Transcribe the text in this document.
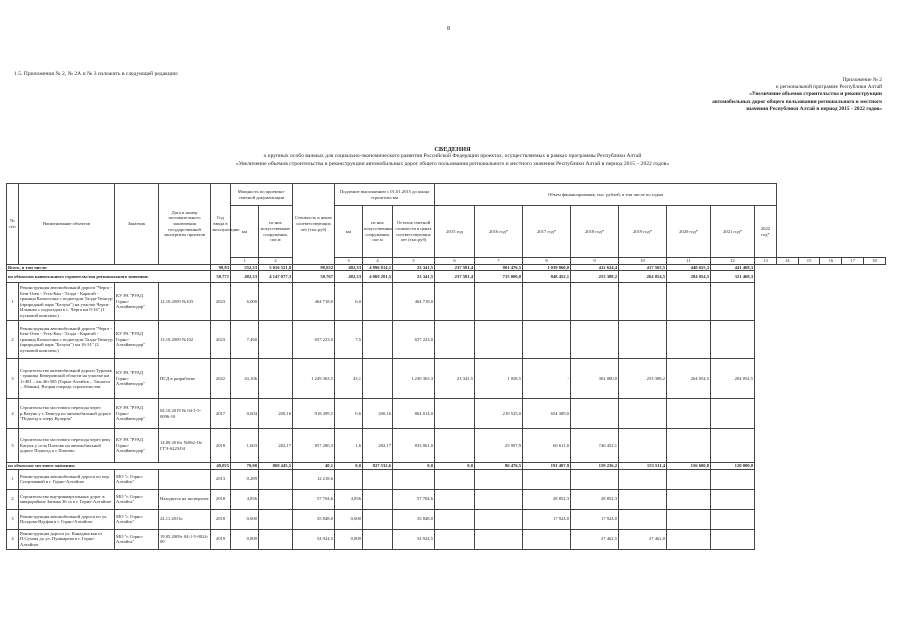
8
1.5. Приложения № 2, № 2А и № 3 изложить в следующей редакции:
Приложение № 2
к региональной программе Республики Алтай
«Увеличение объемов строительства и реконструкции
автомобильных дорог общего пользования регионального и местного
значения Республики Алтай в период 2015 - 2022 годов»
СВЕДЕНИЯ
о крупных особо важных для социально-экономического развития Российской Федерации проектах, осуществляемых в рамках программы Республики Алтай
«Увеличение объемов строительства и реконструкции автомобильных дорог общего пользования регионального и местного значения Республики Алтай в период 2015 – 2022 годов»
№ п/п	Наименование объектов	Заказчик	Дата и номер положительного заключения государственной экспертизы проектов	Год ввода в эксплуатацию	Мощность по проектно-сметной документации		Стоимость в ценах соответствующих лет (тыс.руб)	Подлежит выполнению с 01.01.2015 до конца строительства			Объем финансирования, тыс. рублей, в том числе по годам												
					км	из них искусственные сооружения, пог.м		км	из них искусственные сооружения, пог.м	Остаток сметной стоимости в ценах соответствующих лет (тыс.руб)	2015 год	2016 год*	2017 год*	2018 год*	2019 год*	2020 год*	2021 год*	2022 год*					
					1	2		3	4	5	6	7	8	9	10	11	12	13	14	15	16	17	18
Всего, в том числе:				98,83	552,33	5 016 521,8	98,022	482,33	4 896 814,1	23 341,5	237 581,4	801 476,5	1 039 860,0	412 624,4	417 565,5	440 655,3	441 468,3						
по объектам капитального строительства регионального значения:				58,771	482,33	4 147 077,3	58,767	482,33	4 069 281,5	23 341,5	237 581,4	715 000,0	848 452,1	253 388,2	264 054,5	284 054,5	321 468,3						
1	Реконструкция автомобильной дороги "Черга - Беш-Озек - Усть-Кан - Талда - Карагай - граница Казахстана с подъездом Талда-Тюнгур (природный парк "Белуха") на участке Черги-Ильинка с подъездом к с. Черга км 0-16" (1 пусковой комплекс)	КУ РА "РУАД Горно-Алтайавтодор"	12.10.2009 №103	2023	6,000		464 718,0	6,0		464 718,0													
2	Реконструкция автомобильной дороги "Черга - Беш-Озек - Усть-Кан - Талда - Карагай - граница Казахстана с подъездом Талда-Тюнгур (природный парк "Белуха") км 16-31" (2 пусковой комплекс)	КУ РА "РУАД Горно-Алтайавтодор"	13.10.2009 №102	2023	7,460		657 223,0	7,5		657 223,0													
3	Строительство автомобильной дороги Турочак - граница Кемеровской области на участке км 1+481 – км 46+585 (Горно-Алтайск – Ташагол – Абакан). Вторая очередь строительства	КУ РА "РУАД Горно-Алтайавтодор"	ПСД в разработке	2022	43,106		1 249 363,5	43,1		1 249 363,3	23 341,5	1 058,5	-	302 000,0	253 388,2	264 054,5	284 054,5						
4	Строительство мостового перехода через р.Катунь у с.Тюнгур по автомобильной дороге "Подъезд к озеру Кучерла"	КУ РА "РУАД Горно-Алтайавтодор"	04.10.2019 № 04-1-5-0096-10	2017	0,604	200,16	918 499,5	0,6	200,16	864 014,0		210 525,0	654 389,0										
5	Строительство мостового перехода через реку Катунь у села Платово на автомобильной дороге Подъезд к с.Платово	КУ РА "РУАД Горно-Алтайавтодор"	14.09.2016г №862-16/ГГЭ-6223/04	2018	1,603	282,17	857 280,3	1,6	282,17	833 061,0		25 997,9	60 611,0	746 452,1									
по объектам местного значения:				40,055	70,00	869 445,5	40,1	0,0	827 532,6	0,0	0,0	86 476,5	191 407,9	159 236,2	153 511,4	156 600,8	120 000,0						
1	Реконструкция автомобильной дороги по пер. Спортивный в г. Горно-Алтайске	МО "г. Горно-Алтайск"		2013	0,289		12 218,6																
2	Строительство внутриквартальных дорог в микрорайоне Заимка 36 га в г. Горно-Алтайске	МО "г. Горно-Алтайск"	Находится на экспертизе	2018	4,856		57 704,6	4,856		57 704,6			28 852,3	28 852,3									
3	Реконструкция автомобильной дороги по ул. Полдова-Ядуфая в г. Горно-Алтайске	МО "г. Горно-Алтайск"	24.11.2013г.	2018	0,600		35 848,0	0,600		35 848,0			17 924,0	17 924,0									
4	Реконструкция дороги ул. Канадинская от П.Сухова до ул. Пушкарева в г. Горно-Алтайске	МО "г. Горно-Алтайск"	19.05.2009г 04-1-5-0024-09	2019	0,800		54 924,5	0,800		54 924,5				27 462,5	27 462,0								
